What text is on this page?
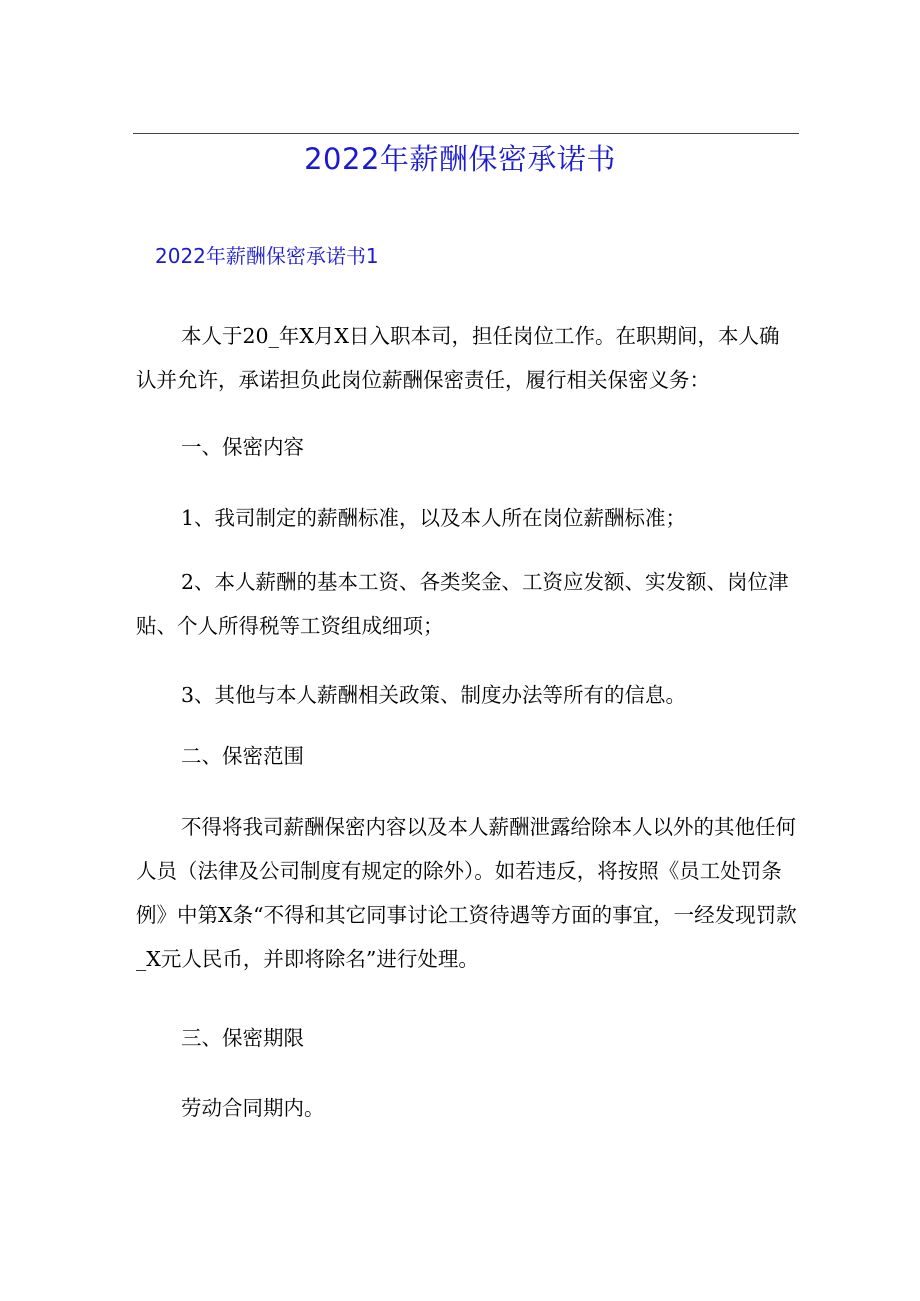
2022年薪酬保密承诺书
2022年薪酬保密承诺书1

本人于20_年X月X日入职本司，担任岗位工作。在职期间，本人确认并允许，承诺担负此岗位薪酬保密责任，履行相关保密义务：

一、保密内容

1、我司制定的薪酬标准，以及本人所在岗位薪酬标准；

2、本人薪酬的基本工资、各类奖金、工资应发额、实发额、岗位津贴、个人所得税等工资组成细项；

3、其他与本人薪酬相关政策、制度办法等所有的信息。

二、保密范围

不得将我司薪酬保密内容以及本人薪酬泄露给除本人以外的其他任何人员（法律及公司制度有规定的除外）。如若违反，将按照《员工处罚条例》中第X条“不得和其它同事讨论工资待遇等方面的事宜，一经发现罚款_X元人民币，并即将除名”进行处理。

三、保密期限

劳动合同期内。
